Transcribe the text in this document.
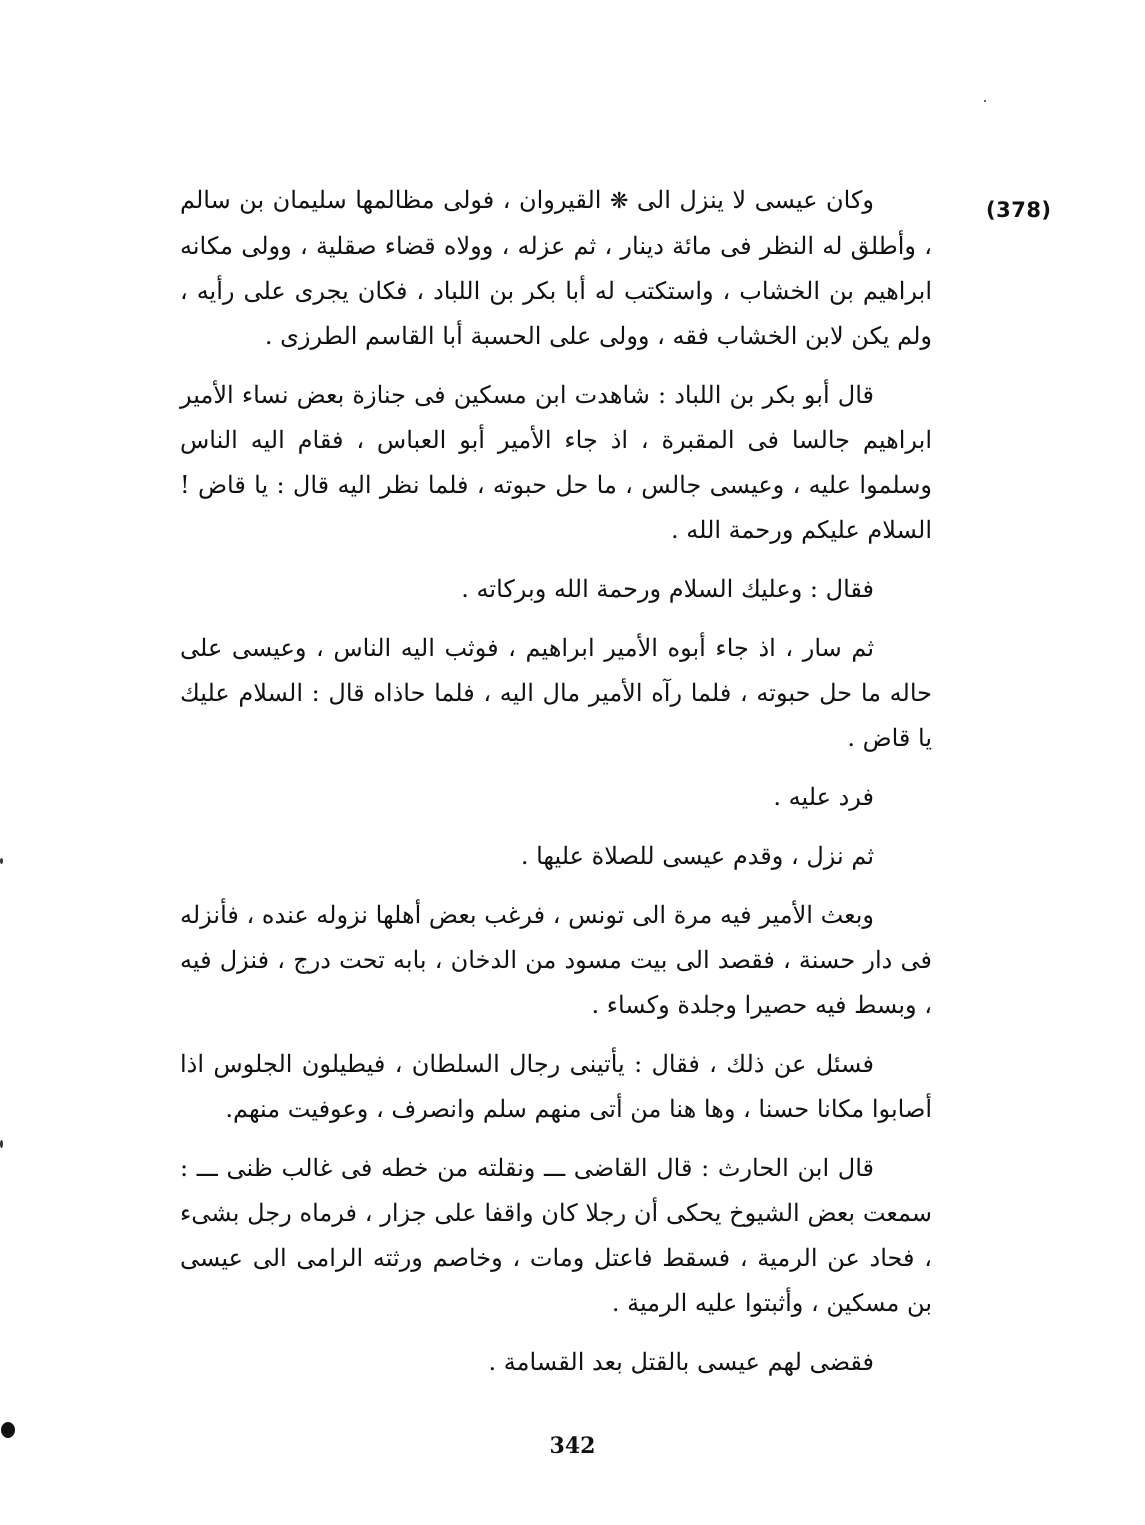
(378)

وكان عيسى لا ينزل الى ❋ القيروان ، فولى مظالمها سليمان بن سالم ، وأطلق له النظر فى مائة دينار ، ثم عزله ، وولاه قضاء صقلية ، وولى مكانه ابراهيم بن الخشاب ، واستكتب له أبا بكر بن اللباد ، فكان يجرى على رأيه ، ولم يكن لابن الخشاب فقه ، وولى على الحسبة أبا القاسم الطرزى .

قال أبو بكر بن اللباد : شاهدت ابن مسكين فى جنازة بعض نساء الأمير ابراهيم جالسا فى المقبرة ، اذ جاء الأمير أبو العباس ، فقام اليه الناس وسلموا عليه ، وعيسى جالس ، ما حل حبوته ، فلما نظر اليه قال : يا قاض ! السلام عليكم ورحمة الله .

فقال : وعليك السلام ورحمة الله وبركاته .

ثم سار ، اذ جاء أبوه الأمير ابراهيم ، فوثب اليه الناس ، وعيسى على حاله ما حل حبوته ، فلما رآه الأمير مال اليه ، فلما حاذاه قال : السلام عليك يا قاض .

فرد عليه .

ثم نزل ، وقدم عيسى للصلاة عليها .

وبعث الأمير فيه مرة الى تونس ، فرغب بعض أهلها نزوله عنده ، فأنزله فى دار حسنة ، فقصد الى بيت مسود من الدخان ، بابه تحت درج ، فنزل فيه ، وبسط فيه حصيرا وجلدة وكساء .

فسئل عن ذلك ، فقال : يأتينى رجال السلطان ، فيطيلون الجلوس اذا أصابوا مكانا حسنا ، وها هنا من أتى منهم سلم وانصرف ، وعوفيت منهم.

قال ابن الحارث : قال القاضى ـــ ونقلته من خطه فى غالب ظنى ـــ : سمعت بعض الشيوخ يحكى أن رجلا كان واقفا على جزار ، فرماه رجل بشىء ، فحاد عن الرمية ، فسقط فاعتل ومات ، وخاصم ورثته الرامى الى عيسى بن مسكين ، وأثبتوا عليه الرمية .

فقضى لهم عيسى بالقتل بعد القسامة .

342
